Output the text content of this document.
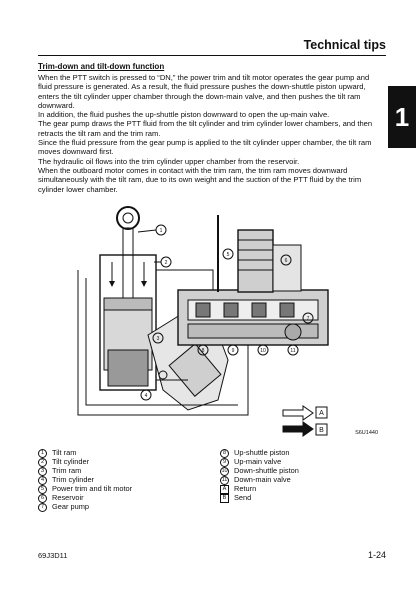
Technical tips
1
Trim-down and tilt-down function

When the PTT switch is pressed to “DN,” the power trim and tilt motor operates the gear pump and fluid pressure is generated. As a result, the fluid pressure pushes the down-shuttle piston upward, enters the tilt cylinder upper chamber through the down-main valve, and then pushes the tilt ram downward.

In addition, the fluid pushes the up-shuttle piston downward to open the up-main valve.

The gear pump draws the PTT fluid from the tilt cylinder and trim cylinder lower chambers, and then retracts the tilt ram and the trim ram.

Since the fluid pressure from the gear pump is applied to the tilt cylinder upper chamber, the tilt ram moves downward first.

The hydraulic oil flows into the trim cylinder upper chamber from the reservoir.

When the outboard motor comes in contact with the trim ram, the trim ram moves downward simultaneously with the tilt ram, due to its own weight and the suction of the PTT fluid by the trim cylinder lower chamber.

1
2
3
4
5
6
7
8	9	10	11
A
B	S6U1440
1	Tilt ram
2	Tilt cylinder
3	Trim ram
4	Trim cylinder
5	Power trim and tilt motor
6	Reservoir
7	Gear pump
8	Up-shuttle piston
9	Up-main valve
10 Down-shuttle piston
11 Down-main valve
A	Return
B	Send
69J3D11	1-24
